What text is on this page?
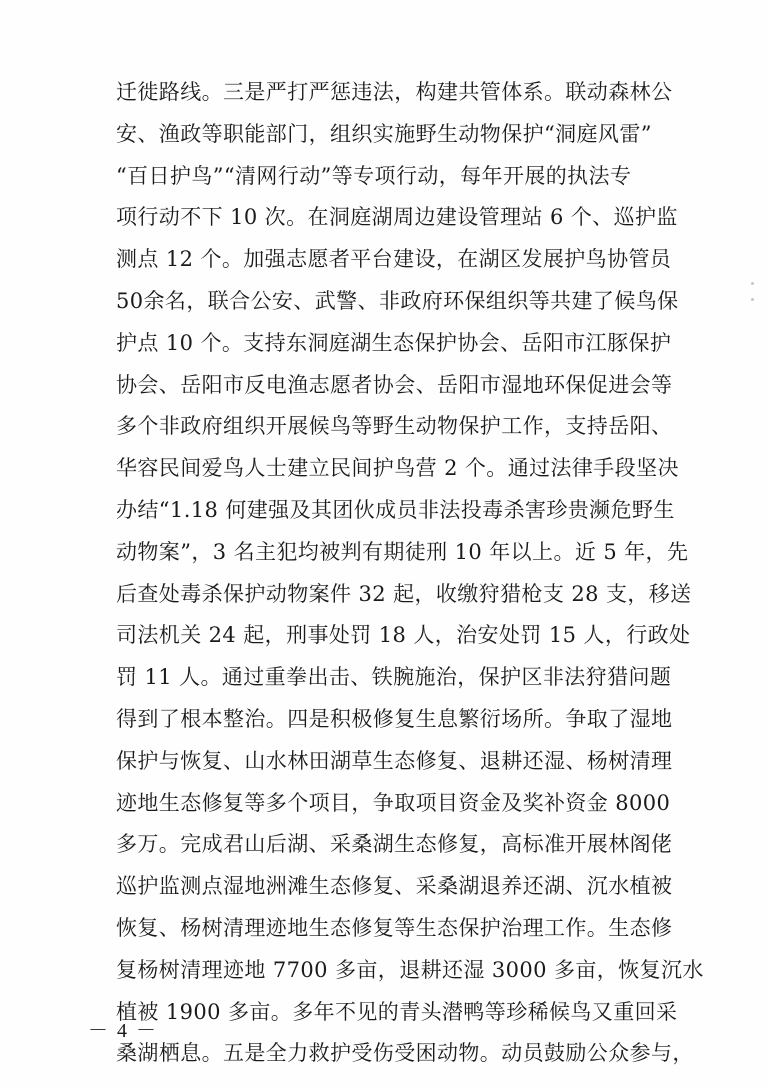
迁徙路线。三是严打严惩违法，构建共管体系。联动森林公
安、渔政等职能部门，组织实施野生动物保护“洞庭风雷”
“百日护鸟”“清网行动”等专项行动，每年开展的执法专
项行动不下 10 次。在洞庭湖周边建设管理站 6 个、巡护监
测点 12 个。加强志愿者平台建设，在湖区发展护鸟协管员
50余名，联合公安、武警、非政府环保组织等共建了候鸟保
护点 10 个。支持东洞庭湖生态保护协会、岳阳市江豚保护
协会、岳阳市反电渔志愿者协会、岳阳市湿地环保促进会等
多个非政府组织开展候鸟等野生动物保护工作，支持岳阳、
华容民间爱鸟人士建立民间护鸟营 2 个。通过法律手段坚决
办结“1.18 何建强及其团伙成员非法投毒杀害珍贵濒危野生
动物案”，3 名主犯均被判有期徒刑 10 年以上。近 5 年，先
后查处毒杀保护动物案件 32 起，收缴狩猎枪支 28 支，移送
司法机关 24 起，刑事处罚 18 人，治安处罚 15 人，行政处
罚 11 人。通过重拳出击、铁腕施治，保护区非法狩猎问题
得到了根本整治。四是积极修复生息繁衍场所。争取了湿地
保护与恢复、山水林田湖草生态修复、退耕还湿、杨树清理
迹地生态修复等多个项目，争取项目资金及奖补资金 8000
多万。完成君山后湖、采桑湖生态修复，高标准开展林阁佬
巡护监测点湿地洲滩生态修复、采桑湖退养还湖、沉水植被
恢复、杨树清理迹地生态修复等生态保护治理工作。生态修
复杨树清理迹地 7700 多亩，退耕还湿 3000 多亩，恢复沉水
植被 1900 多亩。多年不见的青头潜鸭等珍稀候鸟又重回采
桑湖栖息。五是全力救护受伤受困动物。动员鼓励公众参与，
－ 4 －
